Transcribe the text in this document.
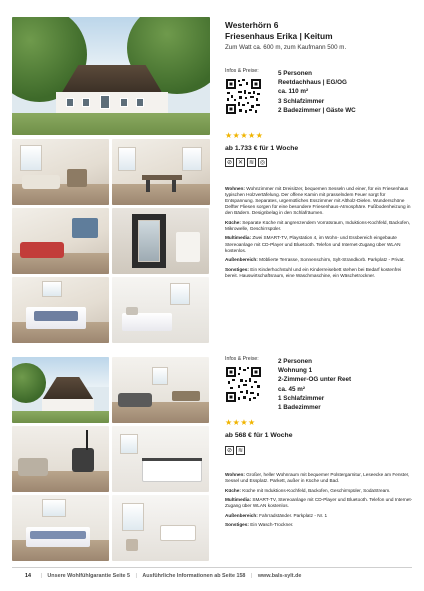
Westerhörn 6
Friesenhaus Erika | Keitum
Zum Watt ca. 600 m, zum Kaufmann 500 m.
Infos & Preise:	5 Personen
Reetdachhaus | EG/OG
ca. 110 m²
3 Schlafzimmer
2 Badezimmer | Gäste WC
★★★★★
ab 1.733 € für 1 Woche
⊘ ✕ ≋ ◎

Wohnen: Wohnzimmer mit Dreisitzer, bequemen Sesseln und einer, für ein Friesenhaus typischen Holzvertäfelung. Der offene Kamin mit prasselndem Feuer sorgt für Entspannung. Separates, urgemütliches Esszimmer mit Altholz-Dielen. Wunderschöne Delfter Fliesen sorgen für eine besondere Friesenhaus-Atmosphäre. Fußbodenheizung in den Bädern. Designbelag in den Schlafräumen.

Küche: Separate Küche mit angrenzendem Vorratsraum, Induktions-Kochfeld, Backofen, Mikrowelle, Geschirrspüler.

Multimedia: Zwei SMART-TV, Playstation 4, im Wohn- und Essbereich eingebaute Stereoanlage mit CD-Player und Bluetooth. Telefon und Internet-Zugang über WLAN kostenlos.

Außenbereich: Möblierte Terrasse, Sonnenschirm, Sylt-Strandkorb. Parkplatz - Privat.

Sonstiges: Ein Kinderhochstuhl und ein Kinderreisebett stehen bei Bedarf kostenfrei bereit. Hauswirtschaftsraum, eine Waschmaschine, ein Wäschetrockner.

Infos & Preise:	2 Personen
Wohnung 1
2-Zimmer-OG unter Reet
ca. 45 m²
1 Schlafzimmer
1 Badezimmer
★★★★
ab 568 € für 1 Woche
⊘ ≋

Wohnen: Großer, heller Wohnraum mit bequemer Polstergarnitur, Leseecke am Fenster, Sessel und Essplatz. Parkett, außer in Küche und Bad.

Küche: Küche mit Induktions-Kochfeld, Backofen, Geschirrspüler, SodaStream.

Multimedia: SMART-TV, Stereoanlage mit CD-Player und Bluetooth. Telefon und Internet-Zugang über WLAN kostenlos.

Außenbereich: Fahrradständer. Parkplatz - Nr. 1

Sonstiges: Ein Wasch-Trockner.

14 | Unsere Wohlfühlgarantie Seite 5 | Ausführliche Informationen ab Seite 158 | www.bals-sylt.de
